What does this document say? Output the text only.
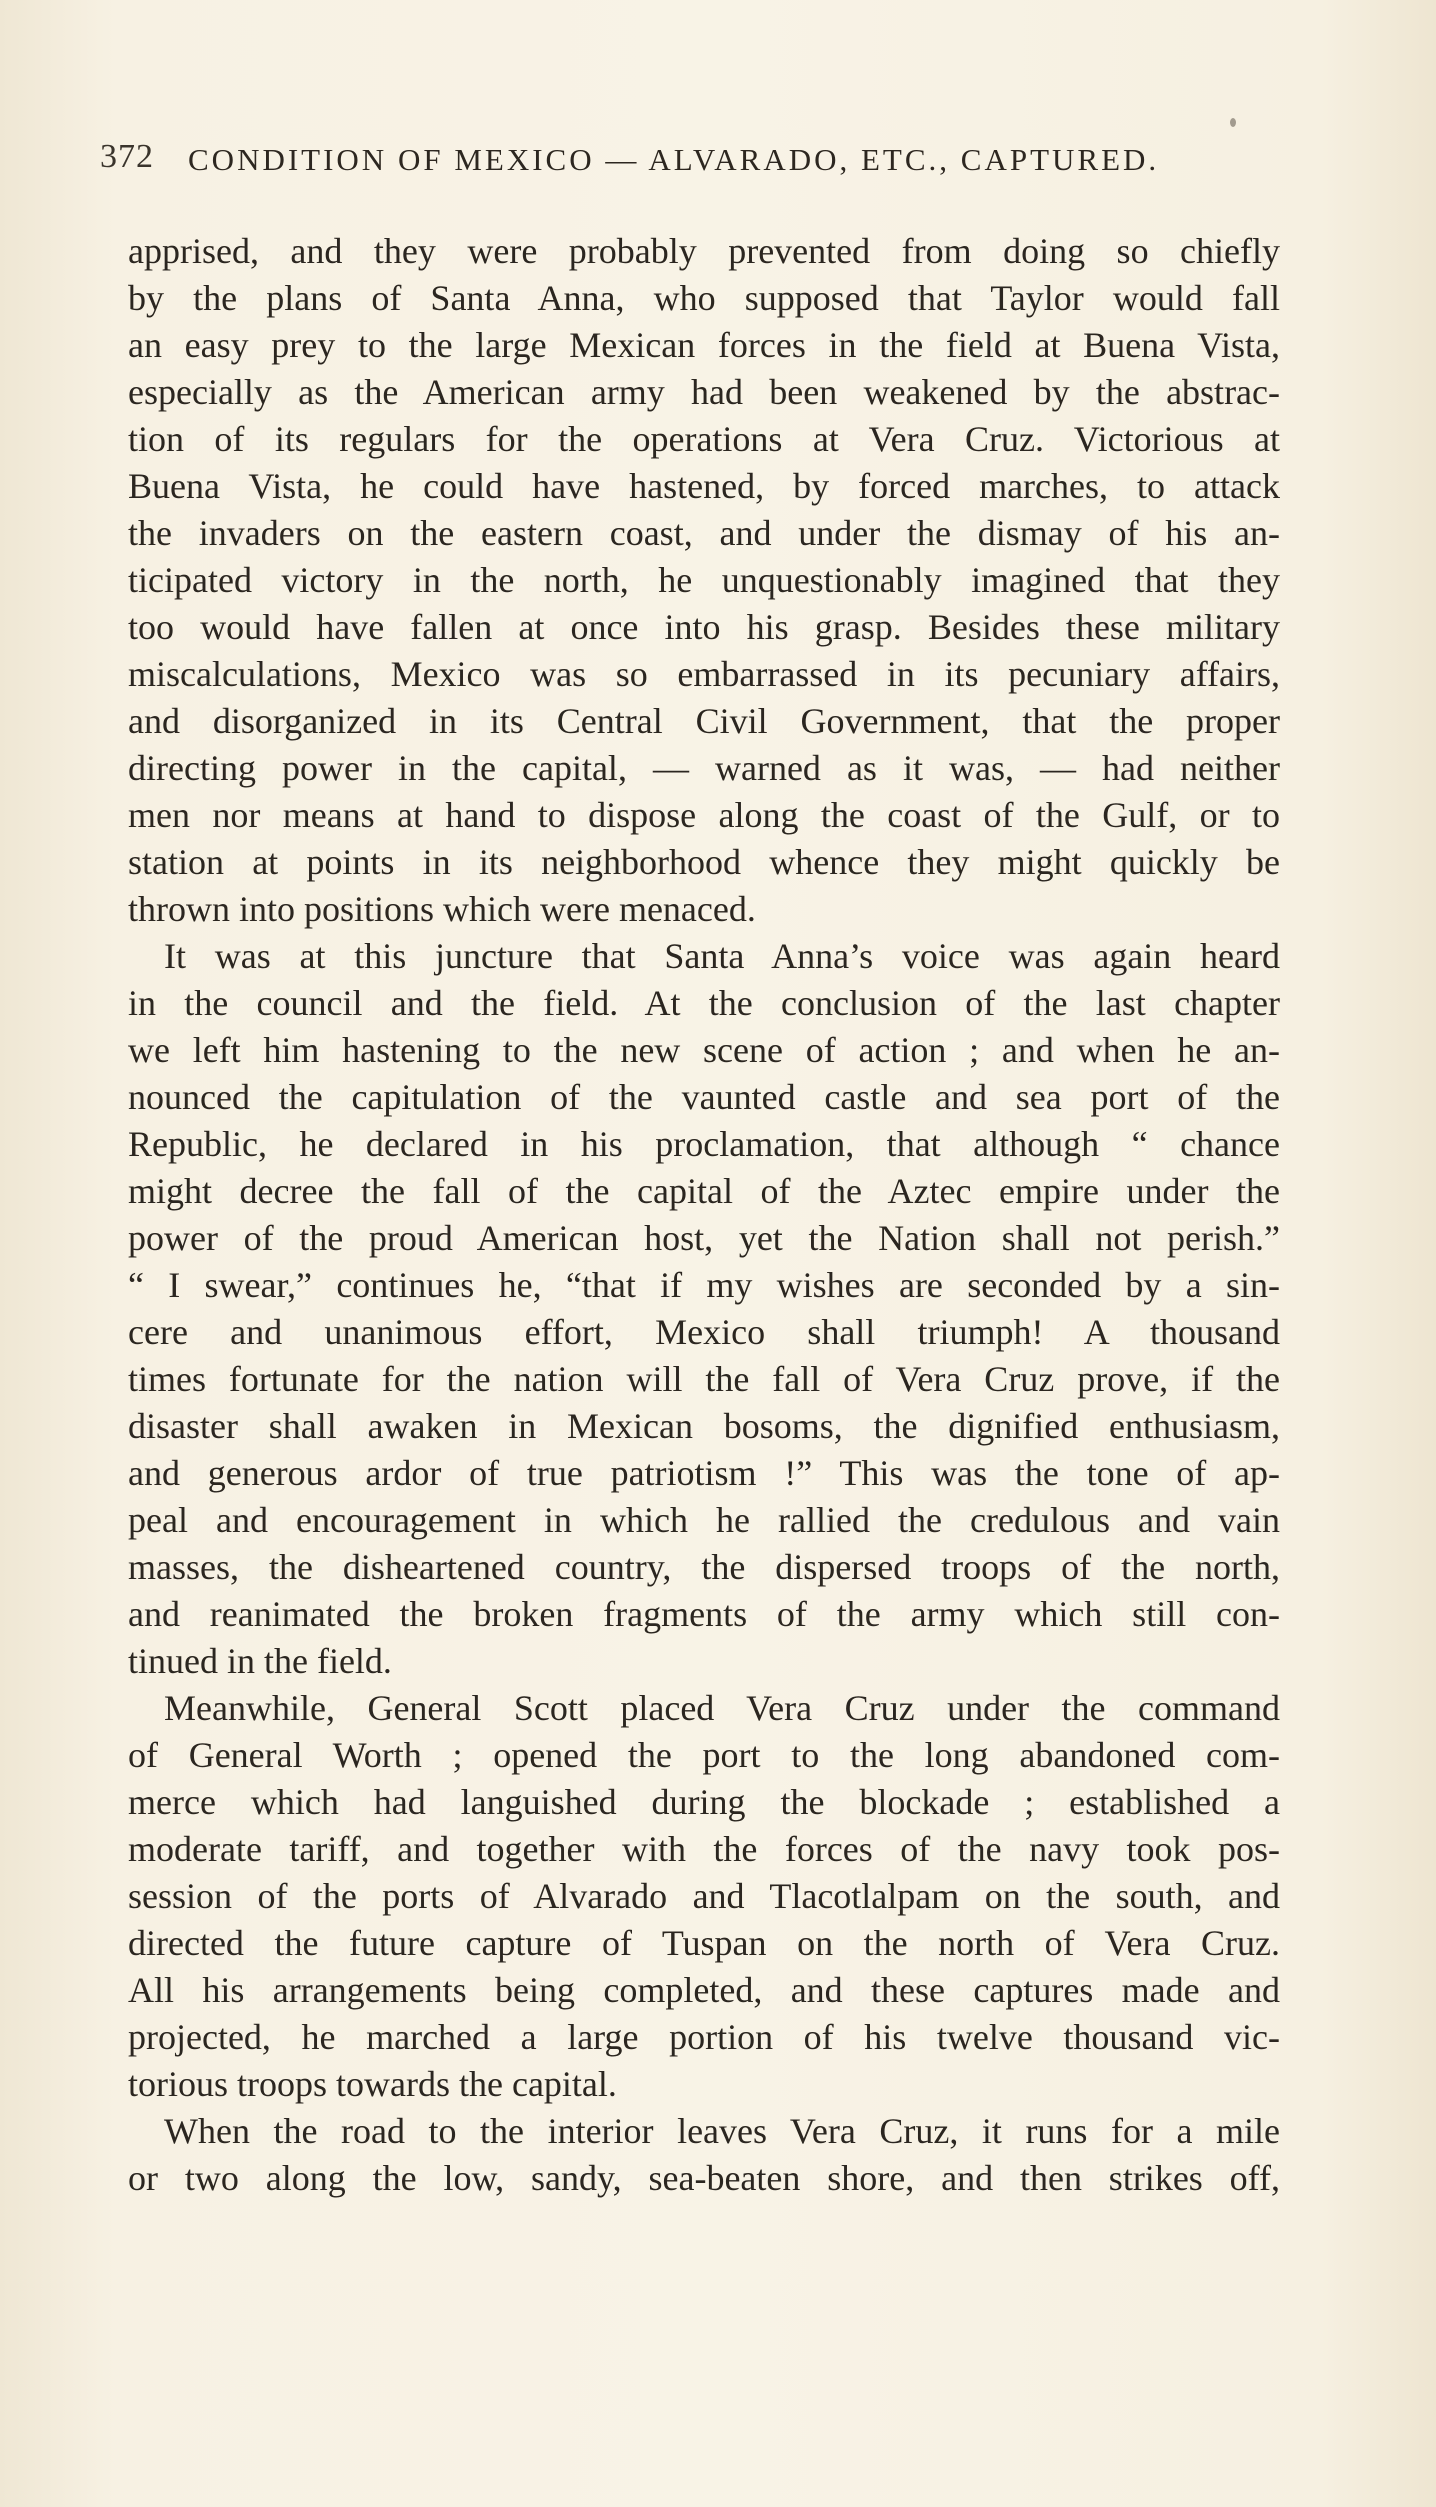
372 CONDITION OF MEXICO — ALVARADO, ETC., CAPTURED.
apprised, and they were probably prevented from doing so chiefly
by the plans of Santa Anna, who supposed that Taylor would fall
an easy prey to the large Mexican forces in the field at Buena Vista,
especially as the American army had been weakened by the abstrac-
tion of its regulars for the operations at Vera Cruz. Victorious at
Buena Vista, he could have hastened, by forced marches, to attack
the invaders on the eastern coast, and under the dismay of his an-
ticipated victory in the north, he unquestionably imagined that they
too would have fallen at once into his grasp. Besides these military
miscalculations, Mexico was so embarrassed in its pecuniary affairs,
and disorganized in its Central Civil Government, that the proper
directing power in the capital, — warned as it was, — had neither
men nor means at hand to dispose along the coast of the Gulf, or to
station at points in its neighborhood whence they might quickly be
thrown into positions which were menaced.
It was at this juncture that Santa Anna’s voice was again heard
in the council and the field. At the conclusion of the last chapter
we left him hastening to the new scene of action ; and when he an-
nounced the capitulation of the vaunted castle and sea port of the
Republic, he declared in his proclamation, that although “ chance
might decree the fall of the capital of the Aztec empire under the
power of the proud American host, yet the Nation shall not perish.”
“ I swear,” continues he, “that if my wishes are seconded by a sin-
cere and unanimous effort, Mexico shall triumph! A thousand
times fortunate for the nation will the fall of Vera Cruz prove, if the
disaster shall awaken in Mexican bosoms, the dignified enthusiasm,
and generous ardor of true patriotism !” This was the tone of ap-
peal and encouragement in which he rallied the credulous and vain
masses, the disheartened country, the dispersed troops of the north,
and reanimated the broken fragments of the army which still con-
tinued in the field.
Meanwhile, General Scott placed Vera Cruz under the command
of General Worth ; opened the port to the long abandoned com-
merce which had languished during the blockade ; established a
moderate tariff, and together with the forces of the navy took pos-
session of the ports of Alvarado and Tlacotlalpam on the south, and
directed the future capture of Tuspan on the north of Vera Cruz.
All his arrangements being completed, and these captures made and
projected, he marched a large portion of his twelve thousand vic-
torious troops towards the capital.
When the road to the interior leaves Vera Cruz, it runs for a mile
or two along the low, sandy, sea-beaten shore, and then strikes off,
